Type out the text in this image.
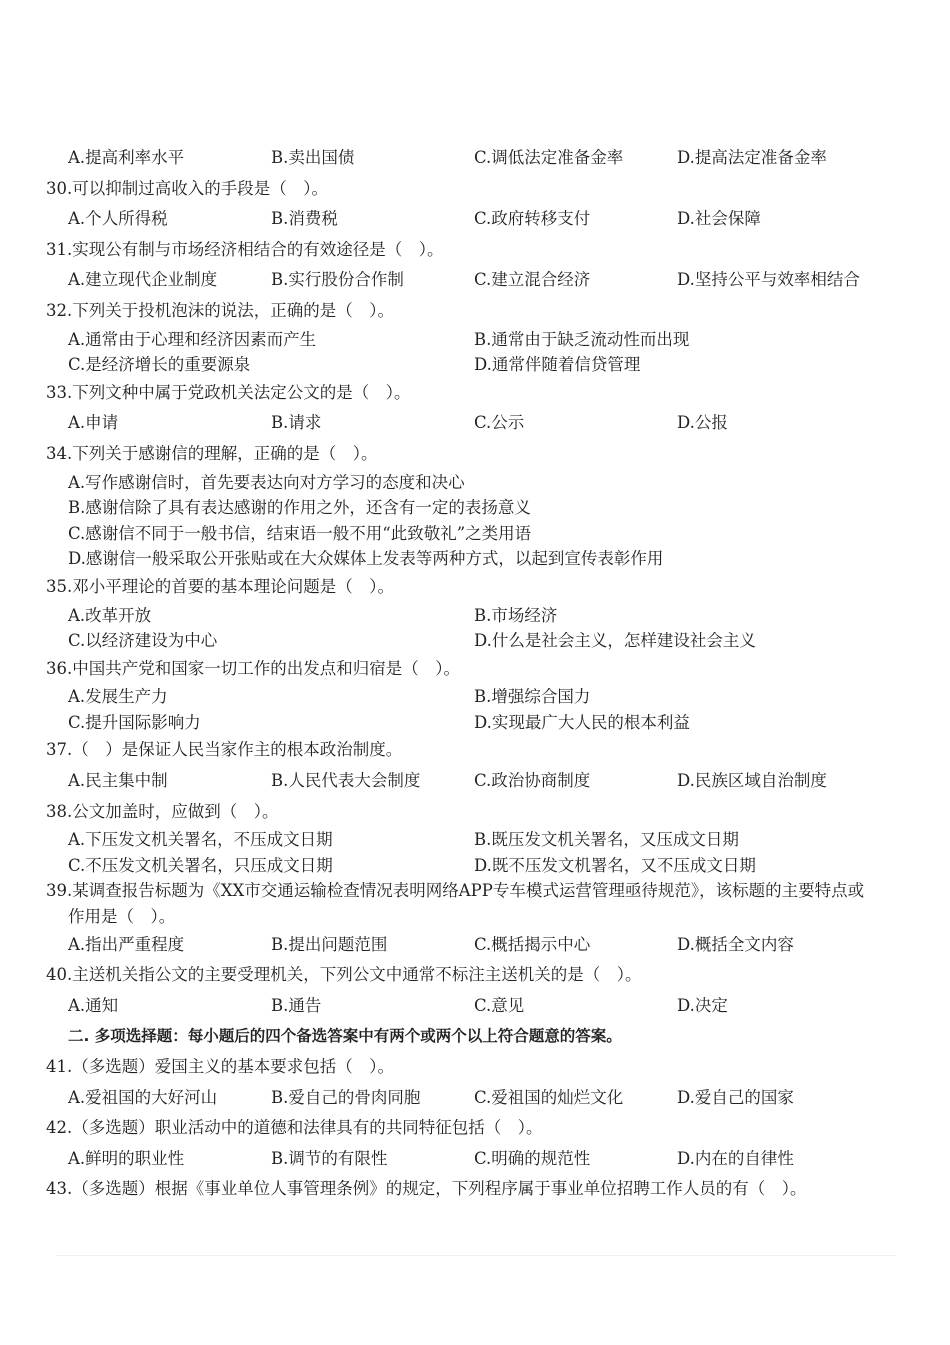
A.提高利率水平	B.卖出国债	C.调低法定准备金率	D.提高法定准备金率
30.可以抑制过高收入的手段是（　）。
A.个人所得税	B.消费税	C.政府转移支付	D.社会保障
31.实现公有制与市场经济相结合的有效途径是（　）。
A.建立现代企业制度	B.实行股份合作制	C.建立混合经济	D.坚持公平与效率相结合
32.下列关于投机泡沫的说法，正确的是（　）。
A.通常由于心理和经济因素而产生	B.通常由于缺乏流动性而出现
C.是经济增长的重要源泉	D.通常伴随着信贷管理
33.下列文种中属于党政机关法定公文的是（　）。
A.申请	B.请求	C.公示	D.公报
34.下列关于感谢信的理解，正确的是（　）。
A.写作感谢信时，首先要表达向对方学习的态度和决心
B.感谢信除了具有表达感谢的作用之外，还含有一定的表扬意义
C.感谢信不同于一般书信，结束语一般不用“此致敬礼”之类用语
D.感谢信一般采取公开张贴或在大众媒体上发表等两种方式，以起到宣传表彰作用
35.邓小平理论的首要的基本理论问题是（　）。
A.改革开放	B.市场经济
C.以经济建设为中心	D.什么是社会主义，怎样建设社会主义
36.中国共产党和国家一切工作的出发点和归宿是（　）。
A.发展生产力	B.增强综合国力
C.提升国际影响力	D.实现最广大人民的根本利益
37.（　）是保证人民当家作主的根本政治制度。
A.民主集中制	B.人民代表大会制度	C.政治协商制度	D.民族区域自治制度
38.公文加盖时，应做到（　）。
A.下压发文机关署名，不压成文日期	B.既压发文机关署名，又压成文日期
C.不压发文机关署名，只压成文日期	D.既不压发文机署名，又不压成文日期
39.某调查报告标题为《XX市交通运输检查情况表明网络APP专车模式运营管理亟待规范》，该标题的主要特点或
作用是（　）。
A.指出严重程度	B.提出问题范围	C.概括揭示中心	D.概括全文内容
40.主送机关指公文的主要受理机关，下列公文中通常不标注主送机关的是（　）。
A.通知	B.通告	C.意见	D.决定
二. 多项选择题：每小题后的四个备选答案中有两个或两个以上符合题意的答案。
41.（多选题）爱国主义的基本要求包括（　）。
A.爱祖国的大好河山	B.爱自己的骨肉同胞	C.爱祖国的灿烂文化	D.爱自己的国家
42.（多选题）职业活动中的道德和法律具有的共同特征包括（　）。
A.鲜明的职业性	B.调节的有限性	C.明确的规范性	D.内在的自律性
43.（多选题）根据《事业单位人事管理条例》的规定，下列程序属于事业单位招聘工作人员的有（　）。
